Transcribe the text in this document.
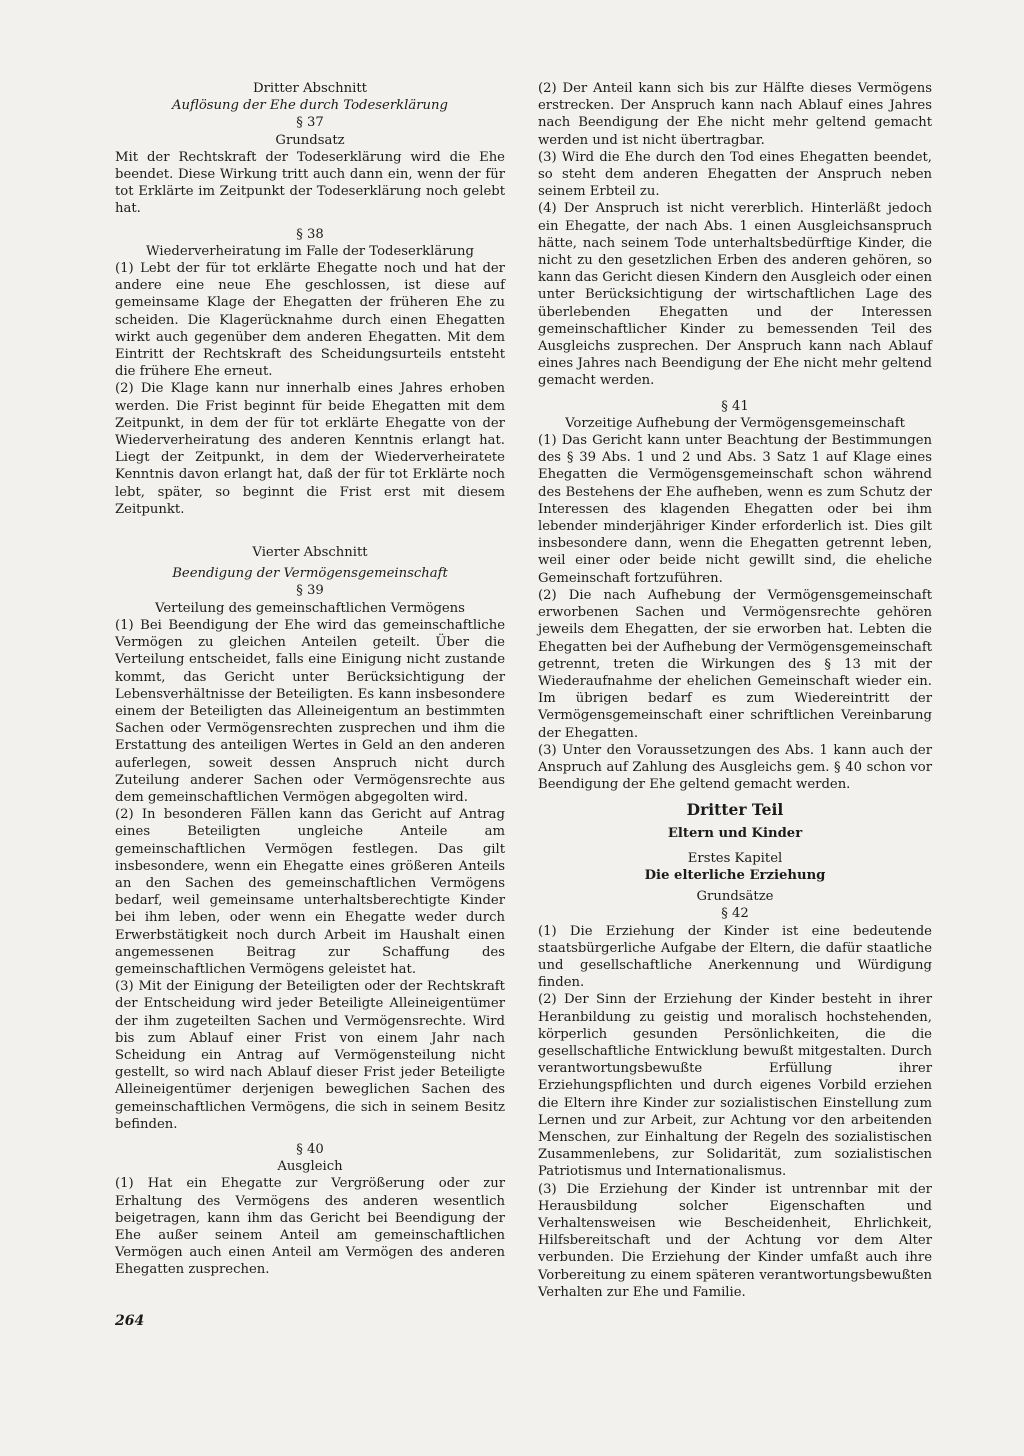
Dritter Abschnitt

Auflösung der Ehe durch Todeserklärung

§ 37

Grundsatz

Mit der Rechtskraft der Todeserklärung wird die Ehe beendet. Diese Wirkung tritt auch dann ein, wenn der für tot Erklärte im Zeitpunkt der Todeserklärung noch gelebt hat.

§ 38

Wiederverheiratung im Falle der Todeserklärung

(1) Lebt der für tot erklärte Ehegatte noch und hat der andere eine neue Ehe geschlossen, ist diese auf gemeinsame Klage der Ehegatten der früheren Ehe zu scheiden. Die Klagerücknahme durch einen Ehegatten wirkt auch gegenüber dem anderen Ehegatten. Mit dem Eintritt der Rechtskraft des Scheidungsurteils entsteht die frühere Ehe erneut.

(2) Die Klage kann nur innerhalb eines Jahres erhoben werden. Die Frist beginnt für beide Ehegatten mit dem Zeitpunkt, in dem der für tot erklärte Ehegatte von der Wiederverheiratung des anderen Kenntnis erlangt hat. Liegt der Zeitpunkt, in dem der Wiederverheiratete Kenntnis davon erlangt hat, daß der für tot Erklärte noch lebt, später, so beginnt die Frist erst mit diesem Zeitpunkt.

Vierter Abschnitt

Beendigung der Vermögensgemeinschaft

§ 39

Verteilung des gemeinschaftlichen Vermögens

(1) Bei Beendigung der Ehe wird das gemeinschaftliche Vermögen zu gleichen Anteilen geteilt. Über die Verteilung entscheidet, falls eine Einigung nicht zustande kommt, das Gericht unter Berücksichtigung der Lebensverhältnisse der Beteiligten. Es kann insbesondere einem der Beteiligten das Alleineigentum an bestimmten Sachen oder Vermögensrechten zusprechen und ihm die Erstattung des anteiligen Wertes in Geld an den anderen auferlegen, soweit dessen Anspruch nicht durch Zuteilung anderer Sachen oder Vermögensrechte aus dem gemeinschaftlichen Vermögen abgegolten wird.

(2) In besonderen Fällen kann das Gericht auf Antrag eines Beteiligten ungleiche Anteile am gemeinschaftlichen Vermögen festlegen. Das gilt insbesondere, wenn ein Ehegatte eines größeren Anteils an den Sachen des gemeinschaftlichen Vermögens bedarf, weil gemeinsame unterhaltsberechtigte Kinder bei ihm leben, oder wenn ein Ehegatte weder durch Erwerbstätigkeit noch durch Arbeit im Haushalt einen angemessenen Beitrag zur Schaffung des gemeinschaftlichen Vermögens geleistet hat.

(3) Mit der Einigung der Beteiligten oder der Rechtskraft der Entscheidung wird jeder Beteiligte Alleineigentümer der ihm zugeteilten Sachen und Vermögensrechte. Wird bis zum Ablauf einer Frist von einem Jahr nach Scheidung ein Antrag auf Vermögensteilung nicht gestellt, so wird nach Ablauf dieser Frist jeder Beteiligte Alleineigentümer derjenigen beweglichen Sachen des gemeinschaftlichen Vermögens, die sich in seinem Besitz befinden.

§ 40

Ausgleich

(1) Hat ein Ehegatte zur Vergrößerung oder zur Erhaltung des Vermögens des anderen wesentlich beigetragen, kann ihm das Gericht bei Beendigung der Ehe außer seinem Anteil am gemeinschaftlichen Vermögen auch einen Anteil am Vermögen des anderen Ehegatten zusprechen.

(2) Der Anteil kann sich bis zur Hälfte dieses Vermögens erstrecken. Der Anspruch kann nach Ablauf eines Jahres nach Beendigung der Ehe nicht mehr geltend gemacht werden und ist nicht übertragbar.

(3) Wird die Ehe durch den Tod eines Ehegatten beendet, so steht dem anderen Ehegatten der Anspruch neben seinem Erbteil zu.

(4) Der Anspruch ist nicht vererblich. Hinterläßt jedoch ein Ehegatte, der nach Abs. 1 einen Ausgleichsanspruch hätte, nach seinem Tode unterhaltsbedürftige Kinder, die nicht zu den gesetzlichen Erben des anderen gehören, so kann das Gericht diesen Kindern den Ausgleich oder einen unter Berücksichtigung der wirtschaftlichen Lage des überlebenden Ehegatten und der Interessen gemeinschaftlicher Kinder zu bemessenden Teil des Ausgleichs zusprechen. Der Anspruch kann nach Ablauf eines Jahres nach Beendigung der Ehe nicht mehr geltend gemacht werden.

§ 41

Vorzeitige Aufhebung der Vermögensgemeinschaft

(1) Das Gericht kann unter Beachtung der Bestimmungen des § 39 Abs. 1 und 2 und Abs. 3 Satz 1 auf Klage eines Ehegatten die Vermögensgemeinschaft schon während des Bestehens der Ehe aufheben, wenn es zum Schutz der Interessen des klagenden Ehegatten oder bei ihm lebender minderjähriger Kinder erforderlich ist. Dies gilt insbesondere dann, wenn die Ehegatten getrennt leben, weil einer oder beide nicht gewillt sind, die eheliche Gemeinschaft fortzuführen.

(2) Die nach Aufhebung der Vermögensgemeinschaft erworbenen Sachen und Vermögensrechte gehören jeweils dem Ehegatten, der sie erworben hat. Lebten die Ehegatten bei der Aufhebung der Vermögensgemeinschaft getrennt, treten die Wirkungen des § 13 mit der Wiederaufnahme der ehelichen Gemeinschaft wieder ein. Im übrigen bedarf es zum Wiedereintritt der Vermögensgemeinschaft einer schriftlichen Vereinbarung der Ehegatten.

(3) Unter den Voraussetzungen des Abs. 1 kann auch der Anspruch auf Zahlung des Ausgleichs gem. § 40 schon vor Beendigung der Ehe geltend gemacht werden.

Dritter Teil

Eltern und Kinder

Erstes Kapitel

Die elterliche Erziehung

Grundsätze

§ 42

(1) Die Erziehung der Kinder ist eine bedeutende staatsbürgerliche Aufgabe der Eltern, die dafür staatliche und gesellschaftliche Anerkennung und Würdigung finden.

(2) Der Sinn der Erziehung der Kinder besteht in ihrer Heranbildung zu geistig und moralisch hochstehenden, körperlich gesunden Persönlichkeiten, die die gesellschaftliche Entwicklung bewußt mitgestalten. Durch verantwortungsbewußte Erfüllung ihrer Erziehungspflichten und durch eigenes Vorbild erziehen die Eltern ihre Kinder zur sozialistischen Einstellung zum Lernen und zur Arbeit, zur Achtung vor den arbeitenden Menschen, zur Einhaltung der Regeln des sozialistischen Zusammenlebens, zur Solidarität, zum sozialistischen Patriotismus und Internationalismus.

(3) Die Erziehung der Kinder ist untrennbar mit der Herausbildung solcher Eigenschaften und Verhaltensweisen wie Bescheidenheit, Ehrlichkeit, Hilfsbereitschaft und der Achtung vor dem Alter verbunden. Die Erziehung der Kinder umfaßt auch ihre Vorbereitung zu einem späteren verantwortungsbewußten Verhalten zur Ehe und Familie.

264
